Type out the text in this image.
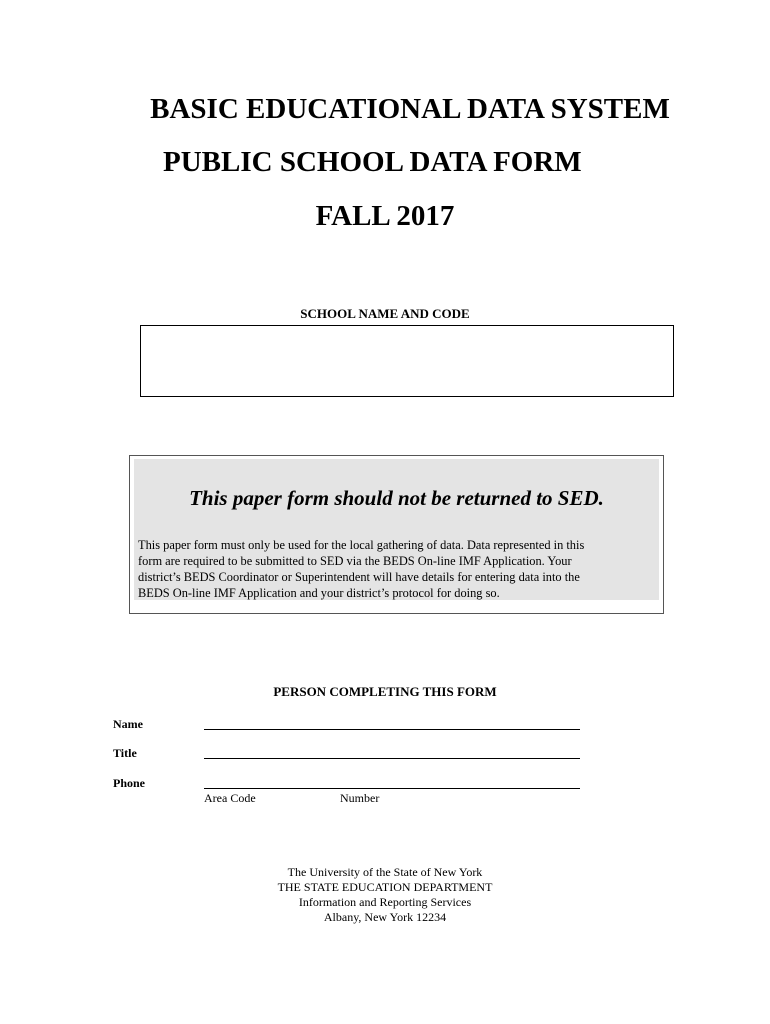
BASIC EDUCATIONAL DATA SYSTEM
PUBLIC SCHOOL DATA FORM
FALL 2017
SCHOOL NAME AND CODE
This paper form should not be returned to SED.
This paper form must only be used for the local gathering of data. Data represented in this
form are required to be submitted to SED via the BEDS On-line IMF Application. Your
district’s BEDS Coordinator or Superintendent will have details for entering data into the
BEDS On-line IMF Application and your district’s protocol for doing so.
PERSON COMPLETING THIS FORM
Name
Title
Phone
Area Code	Number
The University of the State of New York
THE STATE EDUCATION DEPARTMENT
Information and Reporting Services
Albany, New York 12234
